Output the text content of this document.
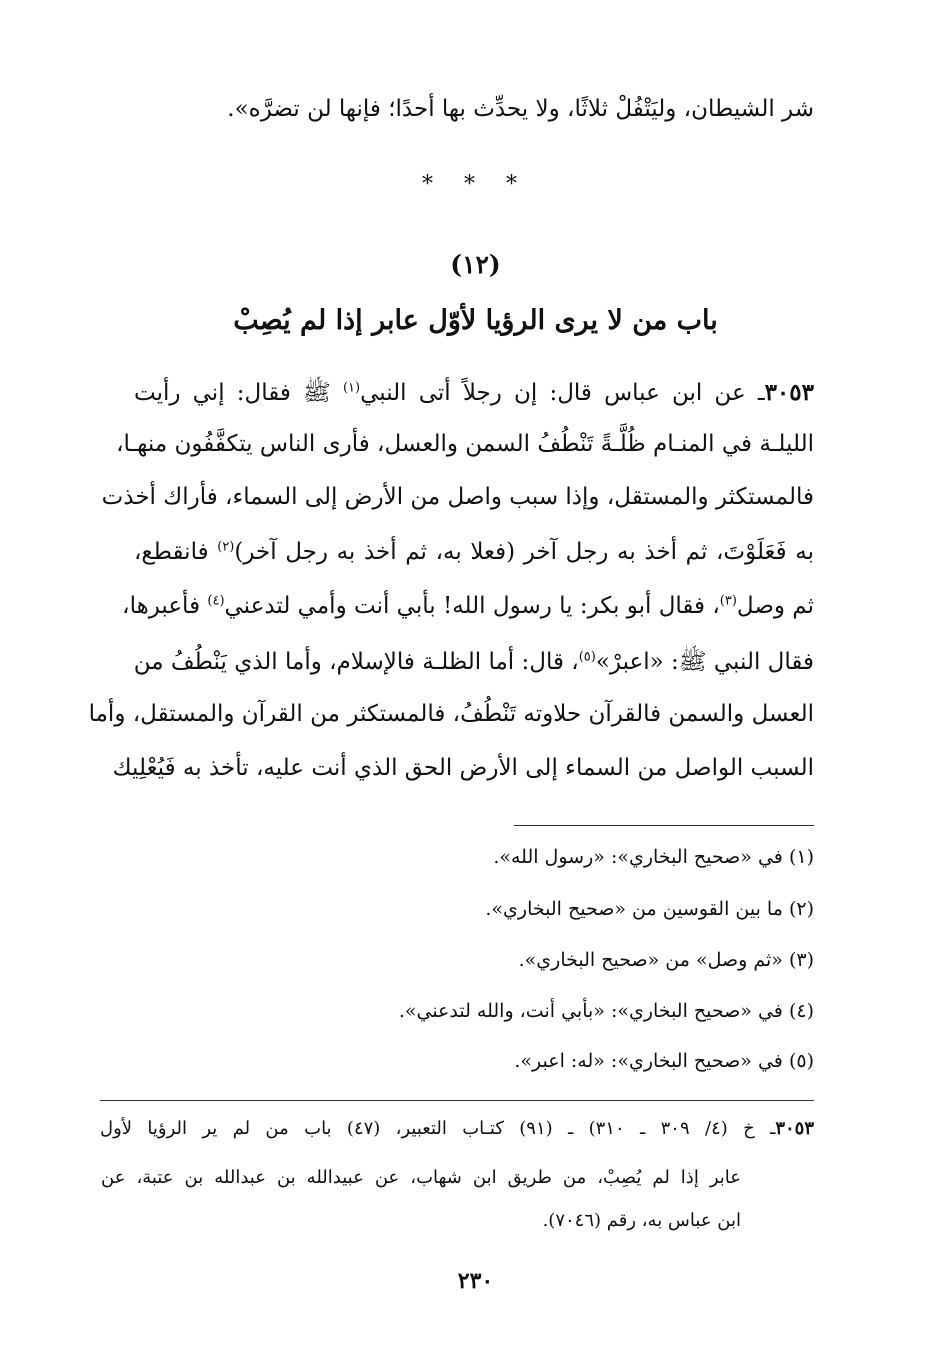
شر الشيطان، وليَتْفُلْ ثلاثًا، ولا يحدِّث بها أحدًا؛ فإنها لن تضرَّه».
* * *
(١٢)
باب من لا يرى الرؤيا لأوّل عابر إذا لم يُصِبْ
٣٠٥٣ـ عن ابن عباس قال: إن رجلاً أتى النبي$^{(١)}$ ﷺ فقال: إني رأيت
الليلـة في المنـام ظُلَّـةً تَنْطُفُ السمن والعسل، فأرى الناس يتكفَّفُون منهـا،
فالمستكثر والمستقل، وإذا سبب واصل من الأرض إلى السماء، فأراك أخذت
به فَعَلَوْتَ، ثم أخذ به رجل آخر (فعلا به، ثم أخذ به رجل آخر)$^{(٢)}$ فانقطع،
ثم وصل$^{(٣)}$، فقال أبو بكر: يا رسول الله! بأبي أنت وأمي لتدعني$^{(٤)}$ فأعبرها،
فقال النبي ﷺ: «اعبرْ»$^{(٥)}$، قال: أما الظلـة فالإسلام، وأما الذي يَنْطُفُ من
العسل والسمن فالقرآن حلاوته تَنْطُفُ، فالمستكثر من القرآن والمستقل، وأما
السبب الواصل من السماء إلى الأرض الحق الذي أنت عليه، تأخذ به فَيُعْلِيك
(١) في «صحيح البخاري»: «رسول الله».
(٢) ما بين القوسين من «صحيح البخاري».
(٣) «ثم وصل» من «صحيح البخاري».
(٤) في «صحيح البخاري»: «بأبي أنت، والله لتدعني».
(٥) في «صحيح البخاري»: «له: اعبر».
٣٠٥٣ـ خ (٤/ ٣٠٩ ـ ٣١٠) ـ (٩١) كتـاب التعبير، (٤٧) باب من لم ير الرؤيا لأول
عابر إذا لم يُصِبْ، من طريق ابن شهاب، عن عبيدالله بن عبدالله بن عتبة، عن
ابن عباس به، رقم (٧٠٤٦).
٢٣٠
